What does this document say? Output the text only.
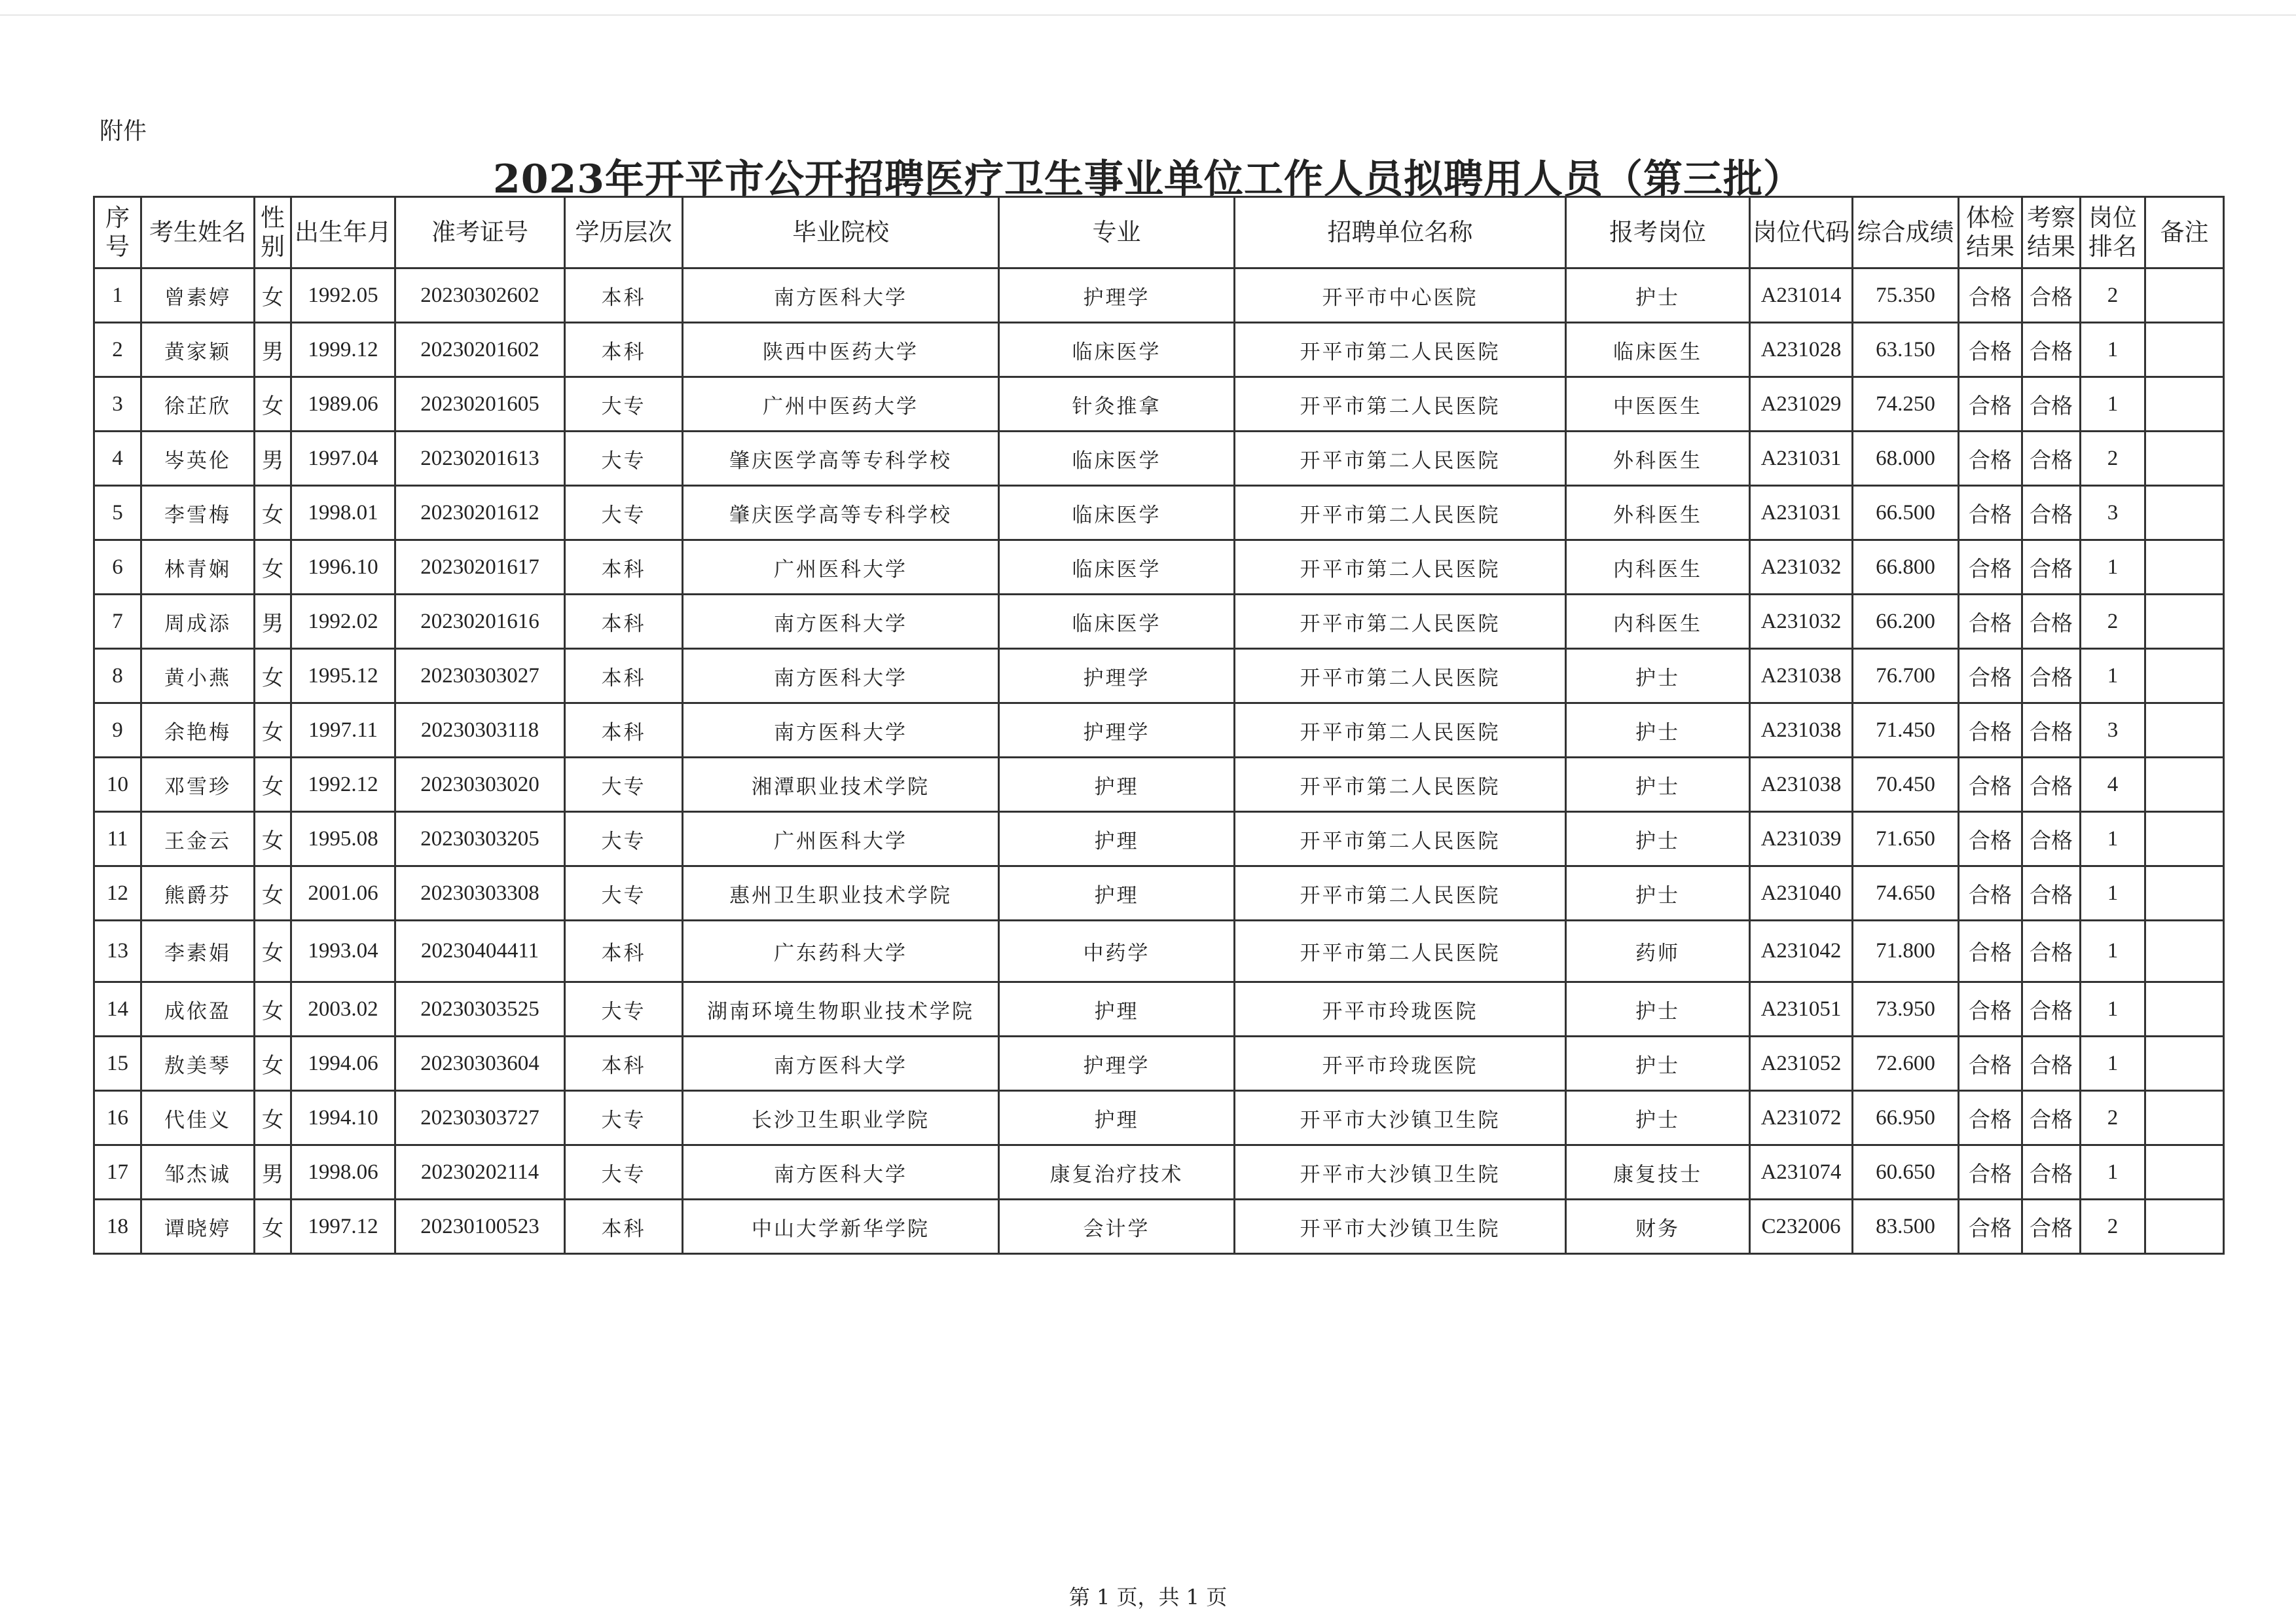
附件
2023年开平市公开招聘医疗卫生事业单位工作人员拟聘用人员（第三批）
序号	考生姓名	性别	出生年月	准考证号	学历层次	毕业院校	专业	招聘单位名称	报考岗位	岗位代码	综合成绩	体检结果	考察结果	岗位排名	备注
1	曾素婷	女	1992.05	20230302602	本科	南方医科大学	护理学	开平市中心医院	护士	A231014	75.350	合格	合格	2	
2	黄家颖	男	1999.12	20230201602	本科	陕西中医药大学	临床医学	开平市第二人民医院	临床医生	A231028	63.150	合格	合格	1	
3	徐芷欣	女	1989.06	20230201605	大专	广州中医药大学	针灸推拿	开平市第二人民医院	中医医生	A231029	74.250	合格	合格	1	
4	岑英伦	男	1997.04	20230201613	大专	肇庆医学高等专科学校	临床医学	开平市第二人民医院	外科医生	A231031	68.000	合格	合格	2	
5	李雪梅	女	1998.01	20230201612	大专	肇庆医学高等专科学校	临床医学	开平市第二人民医院	外科医生	A231031	66.500	合格	合格	3	
6	林青娴	女	1996.10	20230201617	本科	广州医科大学	临床医学	开平市第二人民医院	内科医生	A231032	66.800	合格	合格	1	
7	周成添	男	1992.02	20230201616	本科	南方医科大学	临床医学	开平市第二人民医院	内科医生	A231032	66.200	合格	合格	2	
8	黄小燕	女	1995.12	20230303027	本科	南方医科大学	护理学	开平市第二人民医院	护士	A231038	76.700	合格	合格	1	
9	余艳梅	女	1997.11	20230303118	本科	南方医科大学	护理学	开平市第二人民医院	护士	A231038	71.450	合格	合格	3	
10	邓雪珍	女	1992.12	20230303020	大专	湘潭职业技术学院	护理	开平市第二人民医院	护士	A231038	70.450	合格	合格	4	
11	王金云	女	1995.08	20230303205	大专	广州医科大学	护理	开平市第二人民医院	护士	A231039	71.650	合格	合格	1	
12	熊爵芬	女	2001.06	20230303308	大专	惠州卫生职业技术学院	护理	开平市第二人民医院	护士	A231040	74.650	合格	合格	1	
13	李素娟	女	1993.04	20230404411	本科	广东药科大学	中药学	开平市第二人民医院	药师	A231042	71.800	合格	合格	1	
14	成依盈	女	2003.02	20230303525	大专	湖南环境生物职业技术学院	护理	开平市玲珑医院	护士	A231051	73.950	合格	合格	1	
15	敖美琴	女	1994.06	20230303604	本科	南方医科大学	护理学	开平市玲珑医院	护士	A231052	72.600	合格	合格	1	
16	代佳义	女	1994.10	20230303727	大专	长沙卫生职业学院	护理	开平市大沙镇卫生院	护士	A231072	66.950	合格	合格	2	
17	邹杰诚	男	1998.06	20230202114	大专	南方医科大学	康复治疗技术	开平市大沙镇卫生院	康复技士	A231074	60.650	合格	合格	1	
18	谭晓婷	女	1997.12	20230100523	本科	中山大学新华学院	会计学	开平市大沙镇卫生院	财务	C232006	83.500	合格	合格	2	
第 1 页，共 1 页
